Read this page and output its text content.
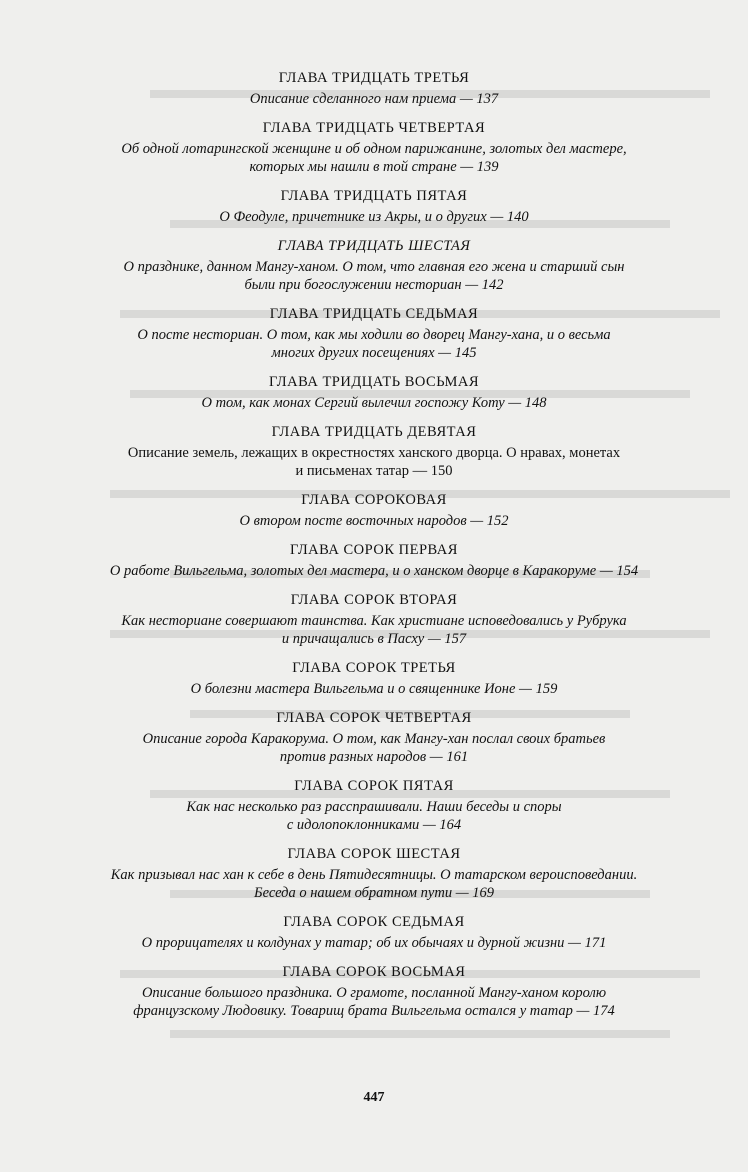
ГЛАВА ТРИДЦАТЬ ТРЕТЬЯ

Описание сделанного нам приема — 137

ГЛАВА ТРИДЦАТЬ ЧЕТВЕРТАЯ

Об одной лотарингской женщине и об одном парижанине, золотых дел мастере,
которых мы нашли в той стране — 139

ГЛАВА ТРИДЦАТЬ ПЯТАЯ

О Феодуле, причетнике из Акры, и о других — 140

ГЛАВА ТРИДЦАТЬ ШЕСТАЯ

О празднике, данном Мангу-ханом. О том, что главная его жена и старший сын
были при богослужении несториан — 142

ГЛАВА ТРИДЦАТЬ СЕДЬМАЯ

О посте несториан. О том, как мы ходили во дворец Мангу-хана, и о весьма
многих других посещениях — 145

ГЛАВА ТРИДЦАТЬ ВОСЬМАЯ

О том, как монах Сергий вылечил госпожу Коту — 148

ГЛАВА ТРИДЦАТЬ ДЕВЯТАЯ

Описание земель, лежащих в окрестностях ханского дворца. О нравах, монетах
и письменах татар — 150

ГЛАВА СОРОКОВАЯ

О втором посте восточных народов — 152

ГЛАВА СОРОК ПЕРВАЯ

О работе Вильгельма, золотых дел мастера, и о ханском дворце в Каракоруме — 154

ГЛАВА СОРОК ВТОРАЯ

Как несториане совершают таинства. Как христиане исповедовались у Рубрука
и причащались в Пасху — 157

ГЛАВА СОРОК ТРЕТЬЯ

О болезни мастера Вильгельма и о священнике Ионе — 159

ГЛАВА СОРОК ЧЕТВЕРТАЯ

Описание города Каракорума. О том, как Мангу-хан послал своих братьев
против разных народов — 161

ГЛАВА СОРОК ПЯТАЯ

Как нас несколько раз расспрашивали. Наши беседы и споры
с идолопоклонниками — 164

ГЛАВА СОРОК ШЕСТАЯ

Как призывал нас хан к себе в день Пятидесятницы. О татарском вероисповедании.
Беседа о нашем обратном пути — 169

ГЛАВА СОРОК СЕДЬМАЯ

О прорицателях и колдунах у татар; об их обычаях и дурной жизни — 171

ГЛАВА СОРОК ВОСЬМАЯ

Описание большого праздника. О грамоте, посланной Мангу-ханом королю
французскому Людовику. Товарищ брата Вильгельма остался у татар — 174

447
